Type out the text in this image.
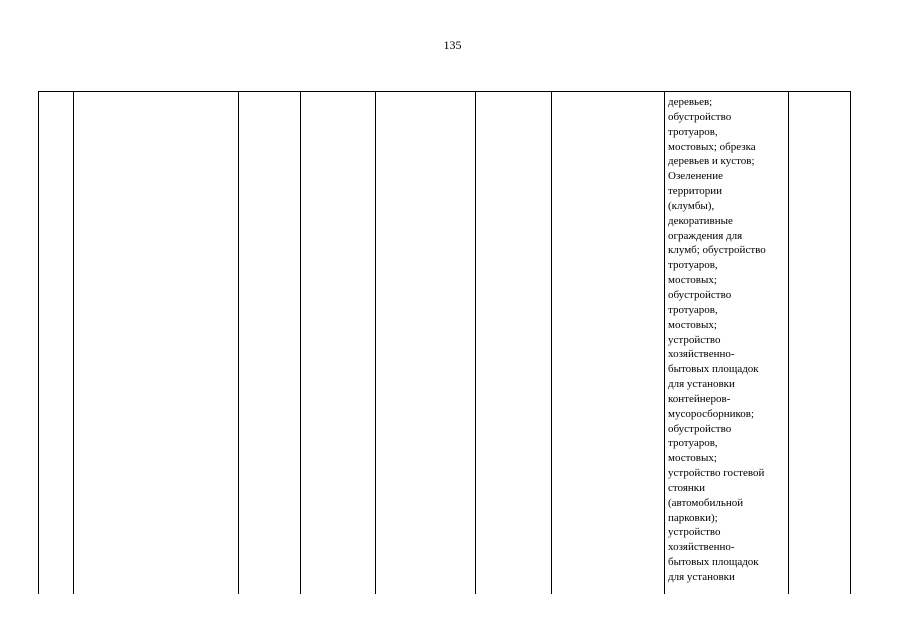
135

деревьев;
обустройство
тротуаров,
мостовых; обрезка
деревьев и кустов;
Озеленение
территории
(клумбы),
декоративные
ограждения для
клумб; обустройство
тротуаров,
мостовых;
обустройство
тротуаров,
мостовых;
устройство
хозяйственно-
бытовых площадок
для установки
контейнеров-
мусоросборников;
обустройство
тротуаров,
мостовых;
устройство гостевой
стоянки
(автомобильной
парковки);
устройство
хозяйственно-
бытовых площадок
для установки
